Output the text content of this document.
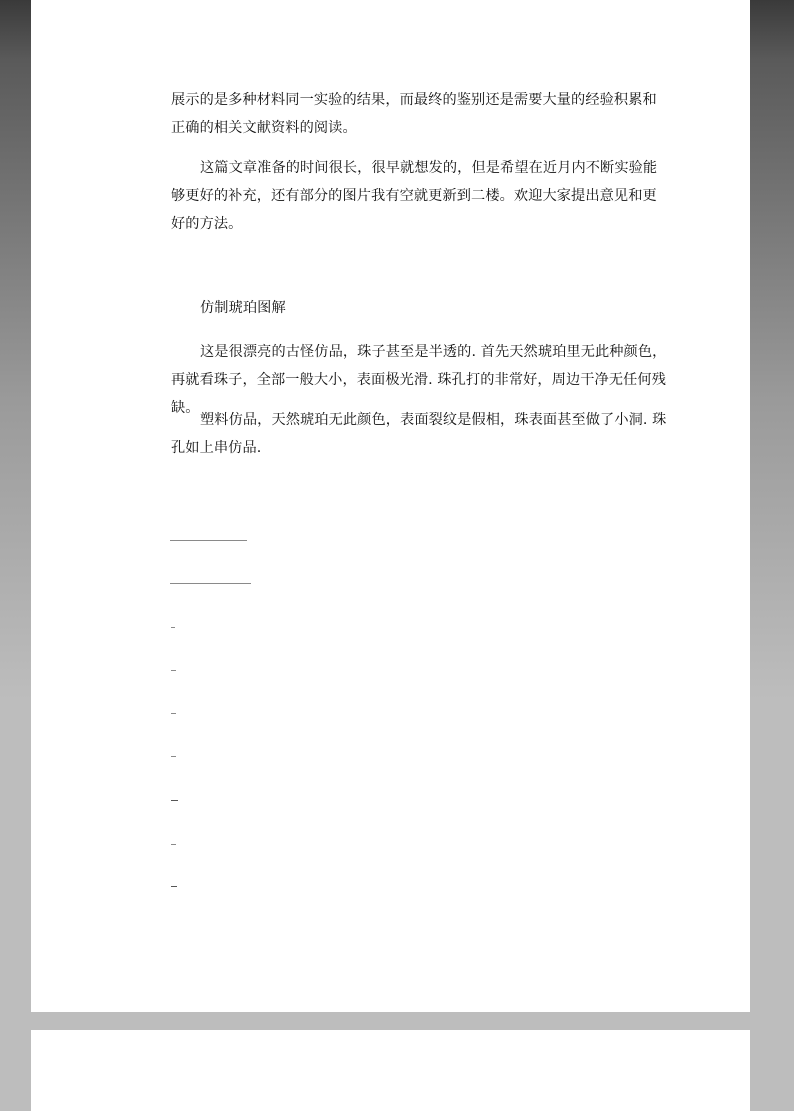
展示的是多种材料同一实验的结果，而最终的鉴别还是需要大量的经验积累和正确的相关文献资料的阅读。

这篇文章准备的时间很长，很早就想发的，但是希望在近月内不断实验能够更好的补充，还有部分的图片我有空就更新到二楼。欢迎大家提出意见和更好的方法。

仿制琥珀图解

这是很漂亮的古怪仿品，珠子甚至是半透的. 首先天然琥珀里无此种颜色，再就看珠子，全部一般大小，表面极光滑. 珠孔打的非常好，周边干净无任何残缺。

塑料仿品，天然琥珀无此颜色，表面裂纹是假相，珠表面甚至做了小洞. 珠孔如上串仿品.
